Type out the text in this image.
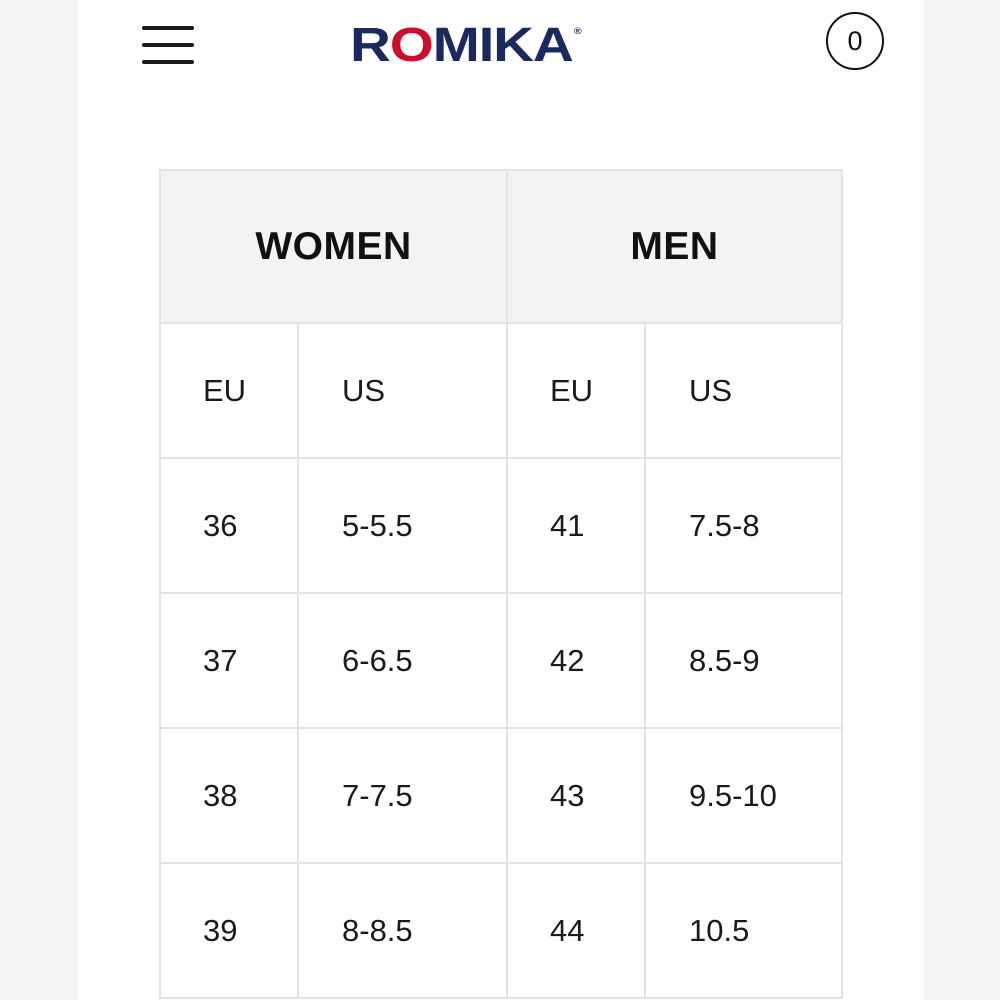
R O MIKA ®	0
WOMEN		MEN	
EU	US	EU	US
36	5-5.5	41	7.5-8
37	6-6.5	42	8.5-9
38	7-7.5	43	9.5-10
39	8-8.5	44	10.5
